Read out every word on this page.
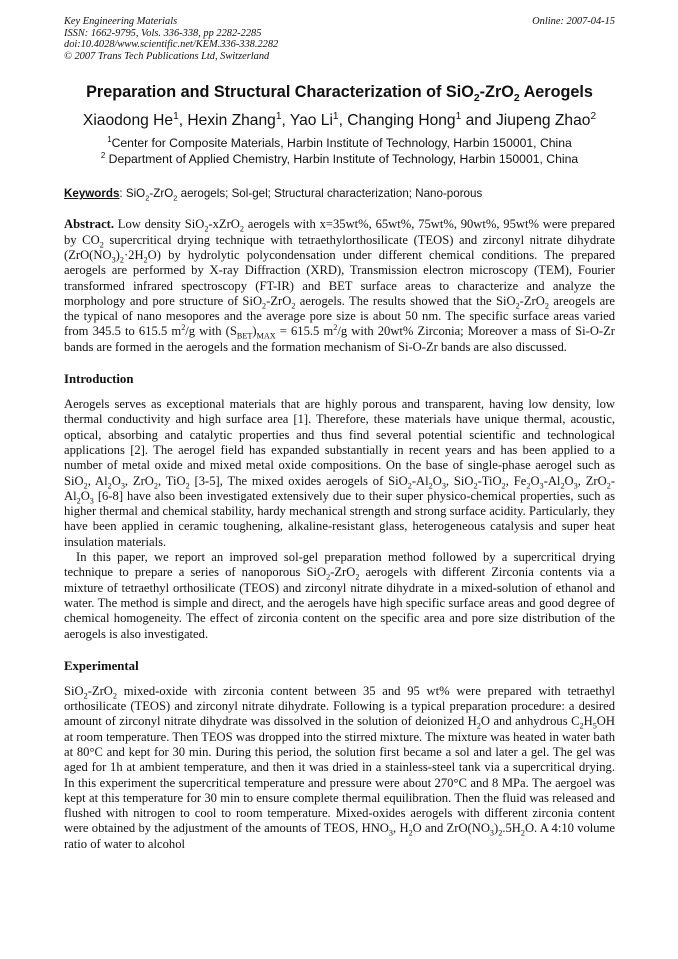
Key Engineering Materials
ISSN: 1662-9795, Vols. 336-338, pp 2282-2285
doi:10.4028/www.scientific.net/KEM.336-338.2282
© 2007 Trans Tech Publications Ltd, Switzerland
Online: 2007-04-15
Preparation and Structural Characterization of SiO$_2$-ZrO$_2$ Aerogels
Xiaodong He$^1$, Hexin Zhang$^1$, Yao Li$^1$, Changing Hong$^1$ and Jiupeng Zhao$^2$
$^1$Center for Composite Materials, Harbin Institute of Technology, Harbin 150001, China
$^2$ Department of Applied Chemistry, Harbin Institute of Technology, Harbin 150001, China
Keywords: SiO$_2$-ZrO$_2$ aerogels; Sol-gel; Structural characterization; Nano-porous

Abstract. Low density SiO$_2$-xZrO$_2$ aerogels with x=35wt%, 65wt%, 75wt%, 90wt%, 95wt% were prepared by $CO_2$ supercritical drying technique with tetraethylorthosilicate (TEOS) and zirconyl nitrate dihydrate $(ZrO(NO_3)_2\cdot 2H_2O)$ by hydrolytic polycondensation under different chemical conditions. The prepared aerogels are performed by X-ray Diffraction (XRD), Transmission electron microscopy (TEM), Fourier transformed infrared spectroscopy (FT-IR) and BET surface areas to characterize and analyze the morphology and pore structure of SiO$_2$-ZrO$_2$ aerogels. The results showed that the SiO$_2$-ZrO$_2$ areogels are the typical of nano mesopores and the average pore size is about 50 nm. The specific surface areas varied from 345.5 to 615.5 $m^2/g$ with $(S_{BET})_{MAX} = 615.5$ $m^2/g$ with 20wt% Zirconia; Moreover a mass of Si-O-Zr bands are formed in the aerogels and the formation mechanism of Si-O-Zr bands are also discussed.

Introduction

Aerogels serves as exceptional materials that are highly porous and transparent, having low density, low thermal conductivity and high surface area [1]. Therefore, these materials have unique thermal, acoustic, optical, absorbing and catalytic properties and thus find several potential scientific and technological applications [2]. The aerogel field has expanded substantially in recent years and has been applied to a number of metal oxide and mixed metal oxide compositions. On the base of single-phase aerogel such as SiO$_2$, $Al_2O_3$, ZrO$_2$, TiO$_2$ [3-5], The mixed oxides aerogels of $SiO_2-Al_2O_3$, SiO$_2$-TiO$_2$, $Fe_2O_3-Al_2O_3$, $ZrO_2-Al_2O_3$ [6-8] have also been investigated extensively due to their super physico-chemical properties, such as higher thermal and chemical stability, hardy mechanical strength and strong surface acidity. Particularly, they have been applied in ceramic toughening, alkaline-resistant glass, heterogeneous catalysis and super heat insulation materials.

In this paper, we report an improved sol-gel preparation method followed by a supercritical drying technique to prepare a series of nanoporous SiO$_2$-ZrO$_2$ aerogels with different Zirconia contents via a mixture of tetraethyl orthosilicate (TEOS) and zirconyl nitrate dihydrate in a mixed-solution of ethanol and water. The method is simple and direct, and the aerogels have high specific surface areas and good degree of chemical homogeneity. The effect of zirconia content on the specific area and pore size distribution of the aerogels is also investigated.

Experimental

SiO$_2$-ZrO$_2$ mixed-oxide with zirconia content between 35 and 95 wt% were prepared with tetraethyl orthosilicate (TEOS) and zirconyl nitrate dihydrate. Following is a typical preparation procedure: a desired amount of zirconyl nitrate dihydrate was dissolved in the solution of deionized $H_2O$ and anhydrous $C_2H_5OH$ at room temperature. Then TEOS was dropped into the stirred mixture. The mixture was heated in water bath at 80°C and kept for 30 min. During this period, the solution first became a sol and later a gel. The gel was aged for 1h at ambient temperature, and then it was dried in a stainless-steel tank via a supercritical drying. In this experiment the supercritical temperature and pressure were about 270°C and 8 MPa. The aergoel was kept at this temperature for 30 min to ensure complete thermal equilibration. Then the fluid was released and flushed with nitrogen to cool to room temperature. Mixed-oxides aerogels with different zirconia content were obtained by the adjustment of the amounts of TEOS, $HNO_3$, $H_2O$ and $ZrO(NO_3)_2.5H_2O$. A 4:10 volume ratio of water to alcohol
